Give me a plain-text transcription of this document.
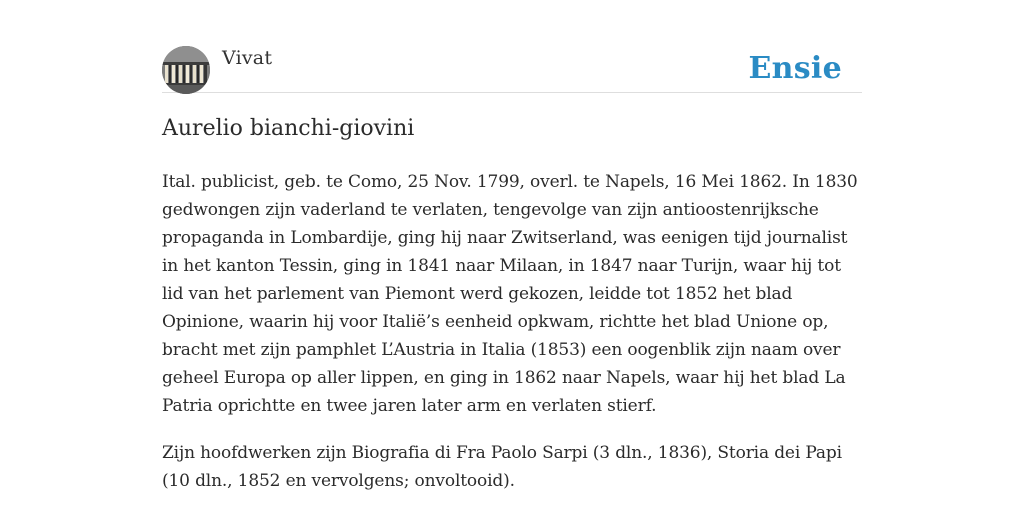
Vivat	Ensie
Aurelio bianchi-giovini

Ital. publicist, geb. te Como, 25 Nov. 1799, overl. te Napels, 16 Mei 1862. In 1830 gedwongen zijn vaderland te verlaten, tengevolge van zijn antioostenrijksche propaganda in Lombardije, ging hij naar Zwitserland, was eenigen tijd journalist in het kanton Tessin, ging in 1841 naar Milaan, in 1847 naar Turijn, waar hij tot lid van het parlement van Piemont werd gekozen, leidde tot 1852 het blad Opinione, waarin hij voor Italië’s eenheid opkwam, richtte het blad Unione op, bracht met zijn pamphlet L’Austria in Italia (1853) een oogenblik zijn naam over geheel Europa op aller lippen, en ging in 1862 naar Napels, waar hij het blad La Patria oprichtte en twee jaren later arm en verlaten stierf.

Zijn hoofdwerken zijn Biografia di Fra Paolo Sarpi (3 dln., 1836), Storia dei Papi (10 dln., 1852 en vervolgens; onvoltooid).
